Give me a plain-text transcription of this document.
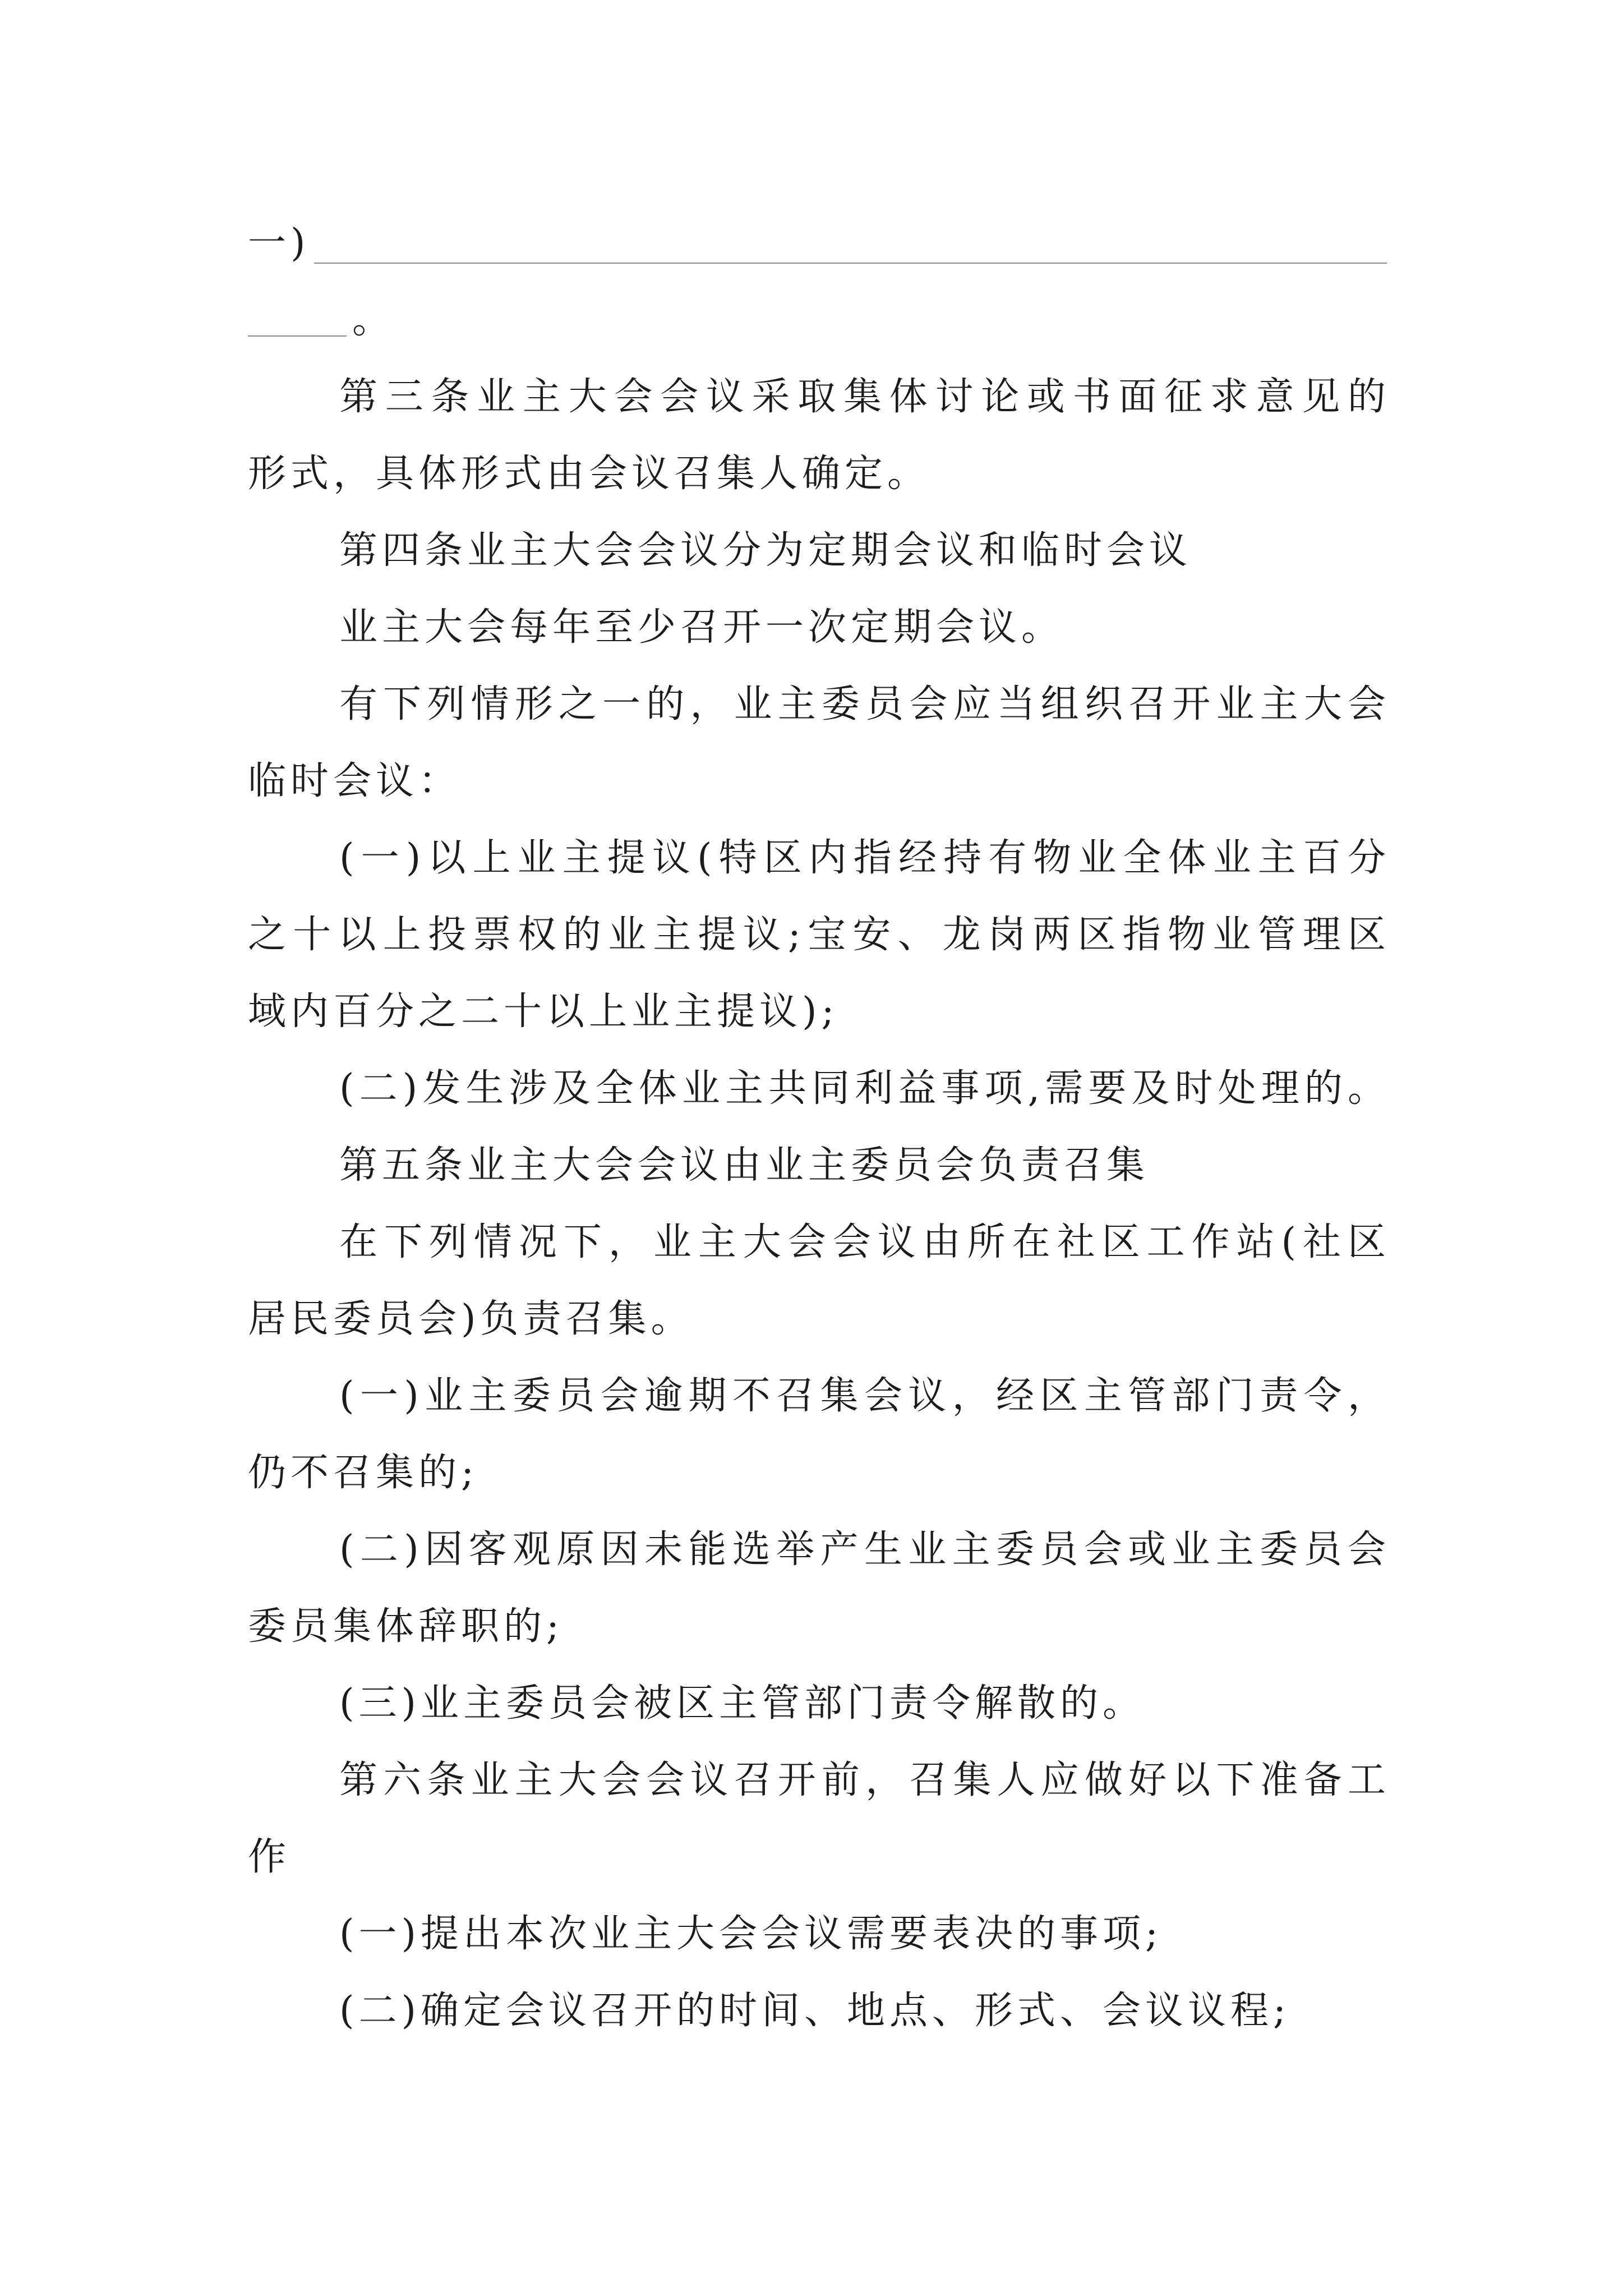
一)
。
第三条业主大会会议采取集体讨论或书面征求意见的
形式，具体形式由会议召集人确定。
第四条业主大会会议分为定期会议和临时会议
业主大会每年至少召开一次定期会议。
有下列情形之一的，业主委员会应当组织召开业主大会
临时会议：
(一)以上业主提议(特区内指经持有物业全体业主百分
之十以上投票权的业主提议;宝安、龙岗两区指物业管理区
域内百分之二十以上业主提议);
(二)发生涉及全体业主共同利益事项,需要及时处理的。
第五条业主大会会议由业主委员会负责召集
在下列情况下，业主大会会议由所在社区工作站(社区
居民委员会)负责召集。
(一)业主委员会逾期不召集会议，经区主管部门责令，
仍不召集的;
(二)因客观原因未能选举产生业主委员会或业主委员会
委员集体辞职的;
(三)业主委员会被区主管部门责令解散的。
第六条业主大会会议召开前，召集人应做好以下准备工
作
(一)提出本次业主大会会议需要表决的事项;
(二)确定会议召开的时间、地点、形式、会议议程;
